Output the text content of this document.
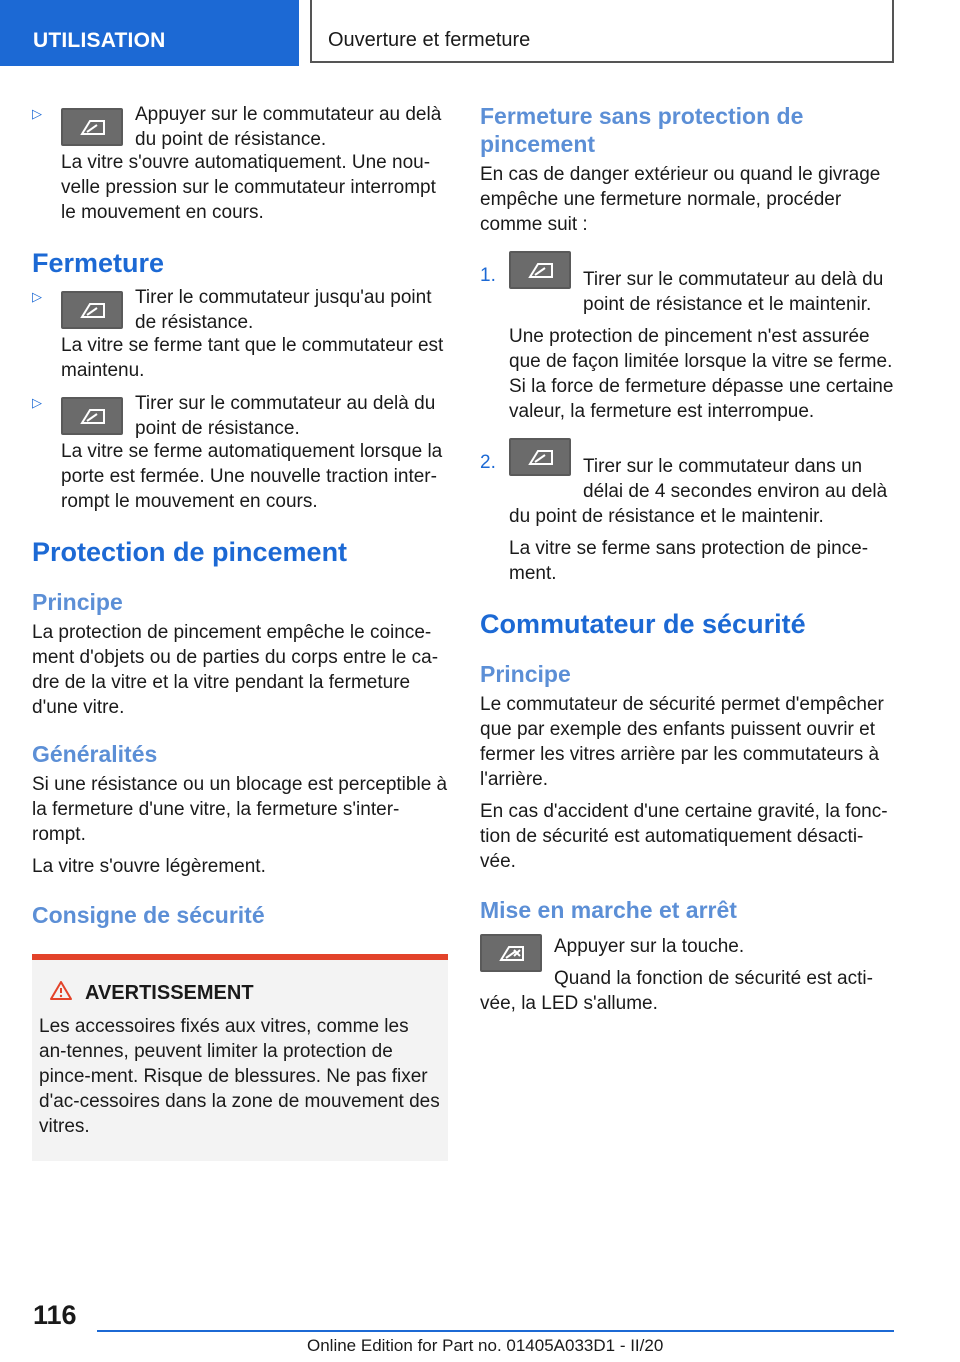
UTILISATION	Ouverture et fermeture
▷	Appuyer sur le commutateur au delà du point de résistance.

La vitre s'ouvre automatiquement. Une nou‐velle pression sur le commutateur interrompt le mouvement en cours.

Fermeture
▷	Tirer le commutateur jusqu'au point de résistance.

La vitre se ferme tant que le commutateur est maintenu.

▷	Tirer sur le commutateur au delà du point de résistance.

La vitre se ferme automatiquement lorsque la porte est fermée. Une nouvelle traction inter‐rompt le mouvement en cours.

Protection de pincement
Principe

La protection de pincement empêche le coince‐ment d'objets ou de parties du corps entre le ca‐dre de la vitre et la vitre pendant la fermeture d'une vitre.

Généralités

Si une résistance ou un blocage est perceptible à la fermeture d'une vitre, la fermeture s'inter‐rompt.

La vitre s'ouvre légèrement.

Consigne de sécurité
AVERTISSEMENT

Les accessoires fixés aux vitres, comme les an‐tennes, peuvent limiter la protection de pince‐ment. Risque de blessures. Ne pas fixer d'ac‐cessoires dans la zone de mouvement des vitres.

Fermeture sans protection de pincement

En cas de danger extérieur ou quand le givrage empêche une fermeture normale, procéder comme suit :

1.	Tirer sur le commutateur au delà du point de résistance et le maintenir.

Une protection de pincement n'est assurée que de façon limitée lorsque la vitre se ferme. Si la force de fermeture dépasse une certaine valeur, la fermeture est interrompue.

2.	Tirer sur le commutateur dans un délai de 4 secondes environ au delà du point de résistance et le maintenir.

La vitre se ferme sans protection de pince‐ment.

Commutateur de sécurité
Principe

Le commutateur de sécurité permet d'empêcher que par exemple des enfants puissent ouvrir et fermer les vitres arrière par les commutateurs à l'arrière.

En cas d'accident d'une certaine gravité, la fonc‐tion de sécurité est automatiquement désacti‐vée.

Mise en marche et arrêt

Appuyer sur la touche.

Quand la fonction de sécurité est acti‐vée, la LED s'allume.

116
Online Edition for Part no. 01405A033D1 - II/20
